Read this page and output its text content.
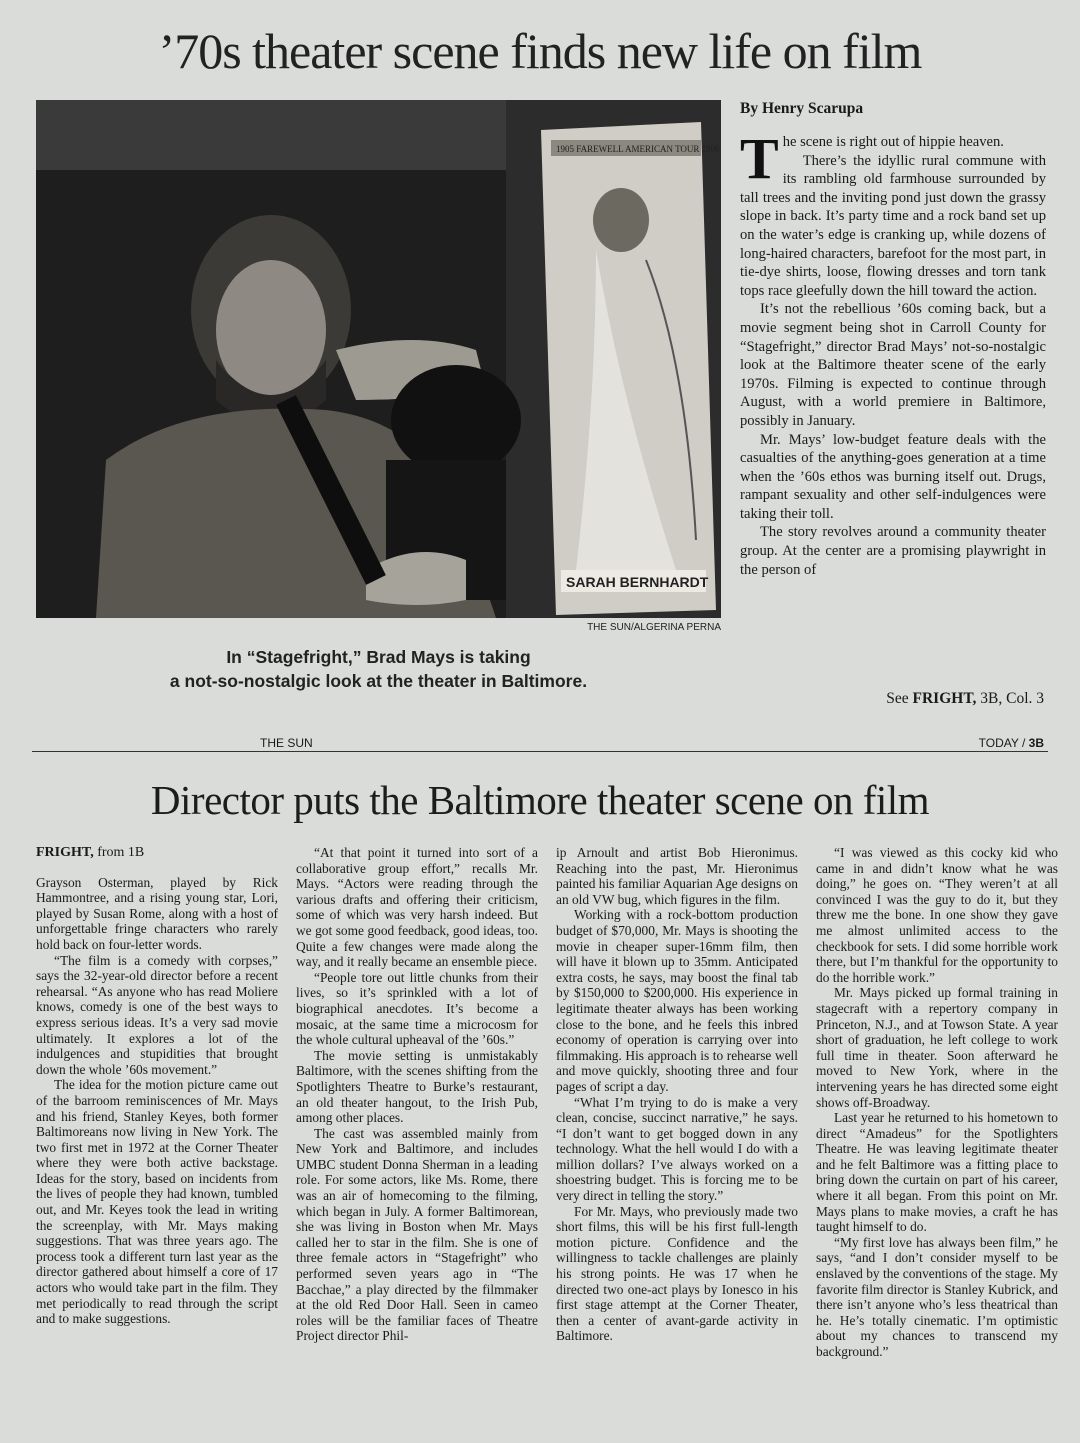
’70s theater scene finds new life on film
1905 FAREWELL AMERICAN TOUR 1906
SARAH BERNHARDT
THE SUN/ALGERINA PERNA
In “Stagefright,” Brad Mays is taking
a not-so-nostalgic look at the theater in Baltimore.
By Henry Scarupa

The scene is right out of hippie heaven.

There’s the idyllic rural commune with its rambling old farmhouse surrounded by tall trees and the inviting pond just down the grassy slope in back. It’s party time and a rock band set up on the water’s edge is cranking up, while dozens of long-haired characters, barefoot for the most part, in tie-dye shirts, loose, flowing dresses and torn tank tops race gleefully down the hill toward the action.

It’s not the rebellious ’60s coming back, but a movie segment being shot in Carroll County for “Stagefright,” director Brad Mays’ not-so-nostalgic look at the Baltimore theater scene of the early 1970s. Filming is expected to continue through August, with a world premiere in Baltimore, possibly in January.

Mr. Mays’ low-budget feature deals with the casualties of the anything-goes generation at a time when the ’60s ethos was burning itself out. Drugs, rampant sexuality and other self-indulgences were taking their toll.

The story revolves around a community theater group. At the center are a promising playwright in the person of

See FRIGHT, 3B, Col. 3
THE SUN	TODAY / 3B
Director puts the Baltimore theater scene on film

FRIGHT, from 1B

Grayson Osterman, played by Rick Hammontree, and a rising young star, Lori, played by Susan Rome, along with a host of unforgettable fringe characters who rarely hold back on four-letter words.

“The film is a comedy with corpses,” says the 32-year-old director before a recent rehearsal. “As anyone who has read Moliere knows, comedy is one of the best ways to express serious ideas. It’s a very sad movie ultimately. It explores a lot of the indulgences and stupidities that brought down the whole ’60s movement.”

The idea for the motion picture came out of the barroom reminiscences of Mr. Mays and his friend, Stanley Keyes, both former Baltimoreans now living in New York. The two first met in 1972 at the Corner Theater where they were both active backstage. Ideas for the story, based on incidents from the lives of people they had known, tumbled out, and Mr. Keyes took the lead in writing the screenplay, with Mr. Mays making suggestions. That was three years ago. The process took a different turn last year as the director gathered about himself a core of 17 actors who would take part in the film. They met periodically to read through the script and to make suggestions.

“At that point it turned into sort of a collaborative group effort,” recalls Mr. Mays. “Actors were reading through the various drafts and offering their criticism, some of which was very harsh indeed. But we got some good feedback, good ideas, too. Quite a few changes were made along the way, and it really became an ensemble piece.

“People tore out little chunks from their lives, so it’s sprinkled with a lot of biographical anecdotes. It’s become a mosaic, at the same time a microcosm for the whole cultural upheaval of the ’60s.”

The movie setting is unmistakably Baltimore, with the scenes shifting from the Spotlighters Theatre to Burke’s restaurant, an old theater hangout, to the Irish Pub, among other places.

The cast was assembled mainly from New York and Baltimore, and includes UMBC student Donna Sherman in a leading role. For some actors, like Ms. Rome, there was an air of homecoming to the filming, which began in July. A former Baltimorean, she was living in Boston when Mr. Mays called her to star in the film. She is one of three female actors in “Stagefright” who performed seven years ago in “The Bacchae,” a play directed by the filmmaker at the old Red Door Hall. Seen in cameo roles will be the familiar faces of Theatre Project director Phil-

ip Arnoult and artist Bob Hieronimus. Reaching into the past, Mr. Hieronimus painted his familiar Aquarian Age designs on an old VW bug, which figures in the film.

Working with a rock-bottom production budget of $70,000, Mr. Mays is shooting the movie in cheaper super-16mm film, then will have it blown up to 35mm. Anticipated extra costs, he says, may boost the final tab by $150,000 to $200,000. His experience in legitimate theater always has been working close to the bone, and he feels this inbred economy of operation is carrying over into filmmaking. His approach is to rehearse well and move quickly, shooting three and four pages of script a day.

“What I’m trying to do is make a very clean, concise, succinct narrative,” he says. “I don’t want to get bogged down in any technology. What the hell would I do with a million dollars? I’ve always worked on a shoestring budget. This is forcing me to be very direct in telling the story.”

For Mr. Mays, who previously made two short films, this will be his first full-length motion picture. Confidence and the willingness to tackle challenges are plainly his strong points. He was 17 when he directed two one-act plays by Ionesco in his first stage attempt at the Corner Theater, then a center of avant-garde activity in Baltimore.

“I was viewed as this cocky kid who came in and didn’t know what he was doing,” he goes on. “They weren’t at all convinced I was the guy to do it, but they threw me the bone. In one show they gave me almost unlimited access to the checkbook for sets. I did some horrible work there, but I’m thankful for the opportunity to do the horrible work.”

Mr. Mays picked up formal training in stagecraft with a repertory company in Princeton, N.J., and at Towson State. A year short of graduation, he left college to work full time in theater. Soon afterward he moved to New York, where in the intervening years he has directed some eight shows off-Broadway.

Last year he returned to his hometown to direct “Amadeus” for the Spotlighters Theatre. He was leaving legitimate theater and he felt Baltimore was a fitting place to bring down the curtain on part of his career, where it all began. From this point on Mr. Mays plans to make movies, a craft he has taught himself to do.

“My first love has always been film,” he says, “and I don’t consider myself to be enslaved by the conventions of the stage. My favorite film director is Stanley Kubrick, and there isn’t anyone who’s less theatrical than he. He’s totally cinematic. I’m optimistic about my chances to transcend my background.”
